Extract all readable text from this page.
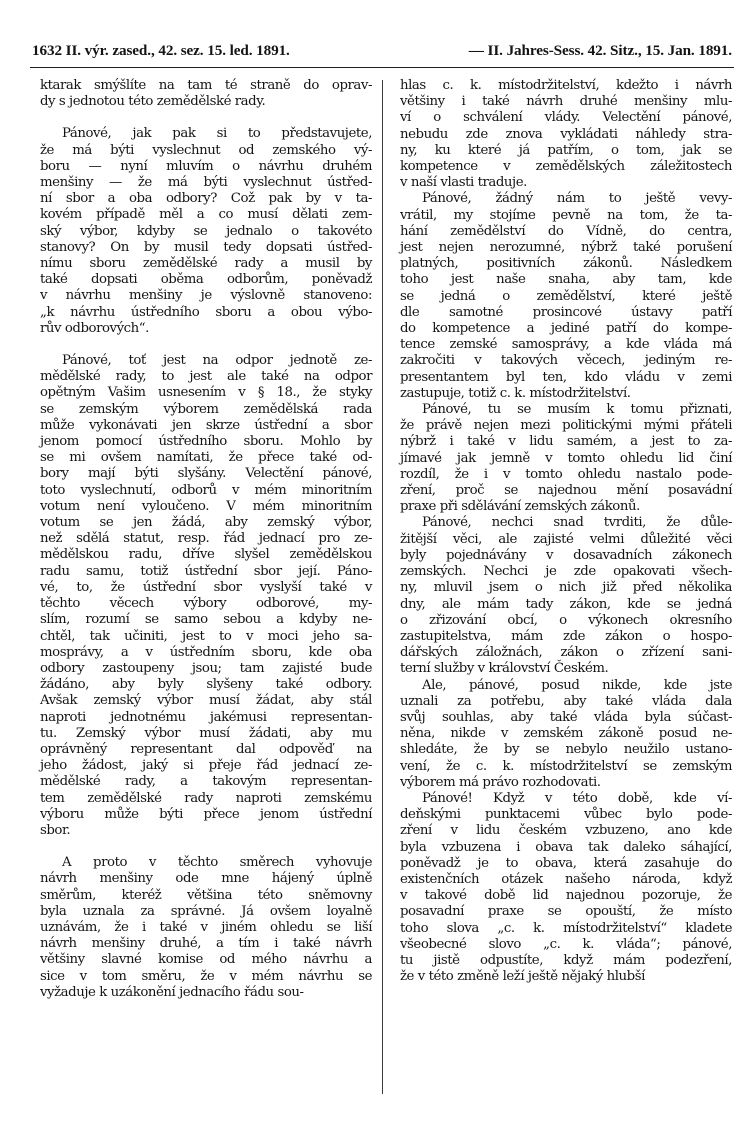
1632 II. výr. zased., 42. sez. 15. led. 1891.	— II. Jahres-Sess. 42. Sitz., 15. Jan. 1891.

ktarak smýšlíte na tam té straně do oprav-
dy s jednotou této zemědělské rady.

Pánové, jak pak si to představujete,
že má býti vyslechnut od zemského vý-
boru — nyní mluvím o návrhu druhém
menšiny — že má býti vyslechnut ústřed-
ní sbor a oba odbory? Což pak by v ta-
kovém případě měl a co musí dělati zem-
ský výbor, kdyby se jednalo o takovéto
stanovy? On by musil tedy dopsati ústřed-
nímu sboru zemědělské rady a musil by
také dopsati oběma odborům, poněvadž
v návrhu menšiny je výslovně stanoveno:
„k návrhu ústředního sboru a obou výbo-
rův odborových“.

Pánové, toť jest na odpor jednotě ze-
mědělské rady, to jest ale také na odpor
opětným Vašim usnesením v § 18., že styky
se zemským výborem zemědělská rada
může vykonávati jen skrze ústřední a sbor
jenom pomocí ústředního sboru. Mohlo by
se mi ovšem namítati, že přece také od-
bory mají býti slyšány. Velectění pánové,
toto vyslechnutí, odborů v mém minoritním
votum není vyloučeno. V mém minoritním
votum se jen žádá, aby zemský výbor,
než sdělá statut, resp. řád jednací pro ze-
mědělskou radu, dříve slyšel zemědělskou
radu samu, totiž ústřední sbor její. Páno-
vé, to, že ústřední sbor vyslyší také v
těchto věcech výbory odborové, my-
slím, rozumí se samo sebou a kdyby ne-
chtěl, tak učiniti, jest to v moci jeho sa-
mosprávy, a v ústředním sboru, kde oba
odbory zastoupeny jsou; tam zajisté bude
žádáno, aby byly slyšeny také odbory.
Avšak zemský výbor musí žádat, aby stál
naproti jednotnému jakémusi representan-
tu. Zemský výbor musí žádati, aby mu
oprávněný representant dal odpověď na
jeho žádost, jaký si přeje řád jednací ze-
mědělské rady, a takovým representan-
tem zemědělské rady naproti zemskému
výboru může býti přece jenom ústřední
sbor.

A proto v těchto směrech vyhovuje
návrh menšiny ode mne hájený úplně
směrům, kteréž většina této sněmovny
byla uznala za správné. Já ovšem loyalně
uznávám, že i také v jiném ohledu se liší
návrh menšiny druhé, a tím i také návrh
většiny slavné komise od mého návrhu a
sice v tom směru, že v mém návrhu se
vyžaduje k uzákonění jednacího řádu sou-

hlas c. k. místodržitelství, kdežto i návrh
většiny i také návrh druhé menšiny mlu-
ví o schválení vlády. Velectění pánové,
nebudu zde znova vykládati náhledy stra-
ny, ku které já patřím, o tom, jak se
kompetence v zemědělských záležitostech
v naší vlasti traduje.

Pánové, žádný nám to ještě vevy-
vrátil, my stojíme pevně na tom, že ta-
hání zemědělství do Vídně, do centra,
jest nejen nerozumné, nýbrž také porušení
platných, positivních zákonů. Následkem
toho jest naše snaha, aby tam, kde
se jedná o zemědělství, které ještě
dle samotné prosincové ústavy patří
do kompetence a jediné patří do kompe-
tence zemské samosprávy, a kde vláda má
zakročiti v takových věcech, jediným re-
presentantem byl ten, kdo vládu v zemi
zastupuje, totiž c. k. místodržitelství.

Pánové, tu se musím k tomu přiznati,
že právě nejen mezi politickými mými přáteli
nýbrž i také v lidu samém, a jest to za-
jímavé jak jemně v tomto ohledu lid činí
rozdíl, že i v tomto ohledu nastalo pode-
zření, proč se najednou mění posavádní
praxe při sdělávání zemských zákonů.

Pánové, nechci snad tvrditi, že důle-
žitější věci, ale zajisté velmi důležité věci
byly pojednávány v dosavadních zákonech
zemských. Nechci je zde opakovati všech-
ny, mluvil jsem o nich již před několika
dny, ale mám tady zákon, kde se jedná
o zřizování obcí, o výkonech okresního
zastupitelstva, mám zde zákon o hospo-
dářských záložnách, zákon o zřízení sani-
terní služby v království Českém.

Ale, pánové, posud nikde, kde jste
uznali za potřebu, aby také vláda dala
svůj souhlas, aby také vláda byla súčast-
něna, nikde v zemském zákoně posud ne-
shledáte, že by se nebylo neužilo ustano-
vení, že c. k. místodržitelství se zemským
výborem má právo rozhodovati.

Pánové! Když v této době, kde ví-
deňskými punktacemi vůbec bylo pode-
zření v lidu českém vzbuzeno, ano kde
byla vzbuzena i obava tak daleko sáhající,
poněvadž je to obava, která zasahuje do
existenčních otázek našeho národa, když
v takové době lid najednou pozoruje, že
posavadní praxe se opouští, že místo
toho slova „c. k. místodržitelství“ kladete
všeobecné slovo „c. k. vláda“; pánové,
tu jistě odpustíte, když mám podezření,
že v této změně leží ještě nějaký hlubší
